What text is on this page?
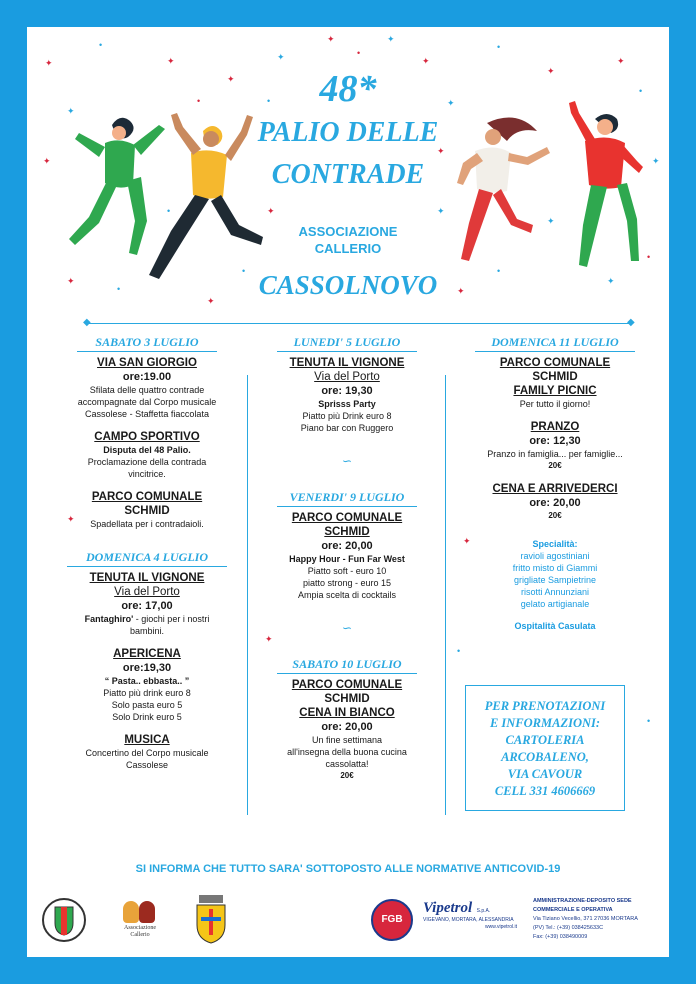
✦
•
✦
✦
✦
✦
•
✦
✦
•
✦
✦
•
✦
•	•	✦
✦
✦
✦
•	✦	✦
✦
✦
•
✦
•
✦
•
✦
•
✦
✦
✦
•
•
48*
PALIO DELLE
CONTRADE
ASSOCIAZIONE
CALLERIO
CASSOLNOVO
◆	◆
SABATO 3 LUGLIO
VIA SAN GIORGIO
ore:19.00
Sfilata delle quattro contrade
accompagnate dal Corpo musicale
Cassolese - Staffetta fiaccolata
CAMPO SPORTIVO
Disputa del 48 Palio.
Proclamazione della contrada
vincitrice.
PARCO COMUNALE
SCHMID
Spadellata per i contradaioli.
DOMENICA 4 LUGLIO
TENUTA IL VIGNONE
Via del Porto
ore: 17,00
Fantaghiro' - giochi per i nostri
bambini.
APERICENA
ore:19,30
“ Pasta.. ebbasta.. ”
Piatto più drink euro 8
Solo pasta euro 5
Solo Drink euro 5
MUSICA
Concertino del Corpo musicale
Cassolese
LUNEDI' 5 LUGLIO
TENUTA IL VIGNONE
Via del Porto
ore: 19,30
Sprisss Party
Piatto più Drink euro 8
Piano bar con Ruggero
∽
VENERDI' 9 LUGLIO
PARCO COMUNALE
SCHMID
ore: 20,00
Happy Hour - Fun Far West
Piatto soft - euro 10
piatto strong - euro 15
Ampia scelta di cocktails
∽
SABATO 10 LUGLIO
PARCO COMUNALE
SCHMID
CENA IN BIANCO
ore: 20,00
Un fine settimana
all'insegna della buona cucina
cassolatta!
20€
DOMENICA 11 LUGLIO
PARCO COMUNALE
SCHMID
FAMILY PICNIC
Per tutto il giorno!
PRANZO
ore: 12,30
Pranzo in famiglia... per famiglie...
20€
CENA E ARRIVEDERCI
ore: 20,00
20€
Specialità:
ravioli agostiniani
fritto misto di Giammi
grigliate Sampietrine
risotti Annunziani
gelato artigianale
Ospitalità Casulata
PER PRENOTAZIONI
E INFORMAZIONI:
CARTOLERIA
ARCOBALENO,
VIA CAVOUR
CELL 331 4606669
SI INFORMA CHE TUTTO SARA' SOTTOPOSTO ALLE NORMATIVE ANTICOVID-19
Associazione
Callerio
FGB
Vipetrol S.p.A.
VIGEVANO, MORTARA, ALESSANDRIA
www.vipetrol.it
AMMINISTRAZIONE-DEPOSITO SEDE
COMMERCIALE E OPERATIVA
Via Tiziano Vecellio, 371 27036 MORTARA
(PV) Tel.: (+39) 038425633C
Fax: (+39) 038490009
